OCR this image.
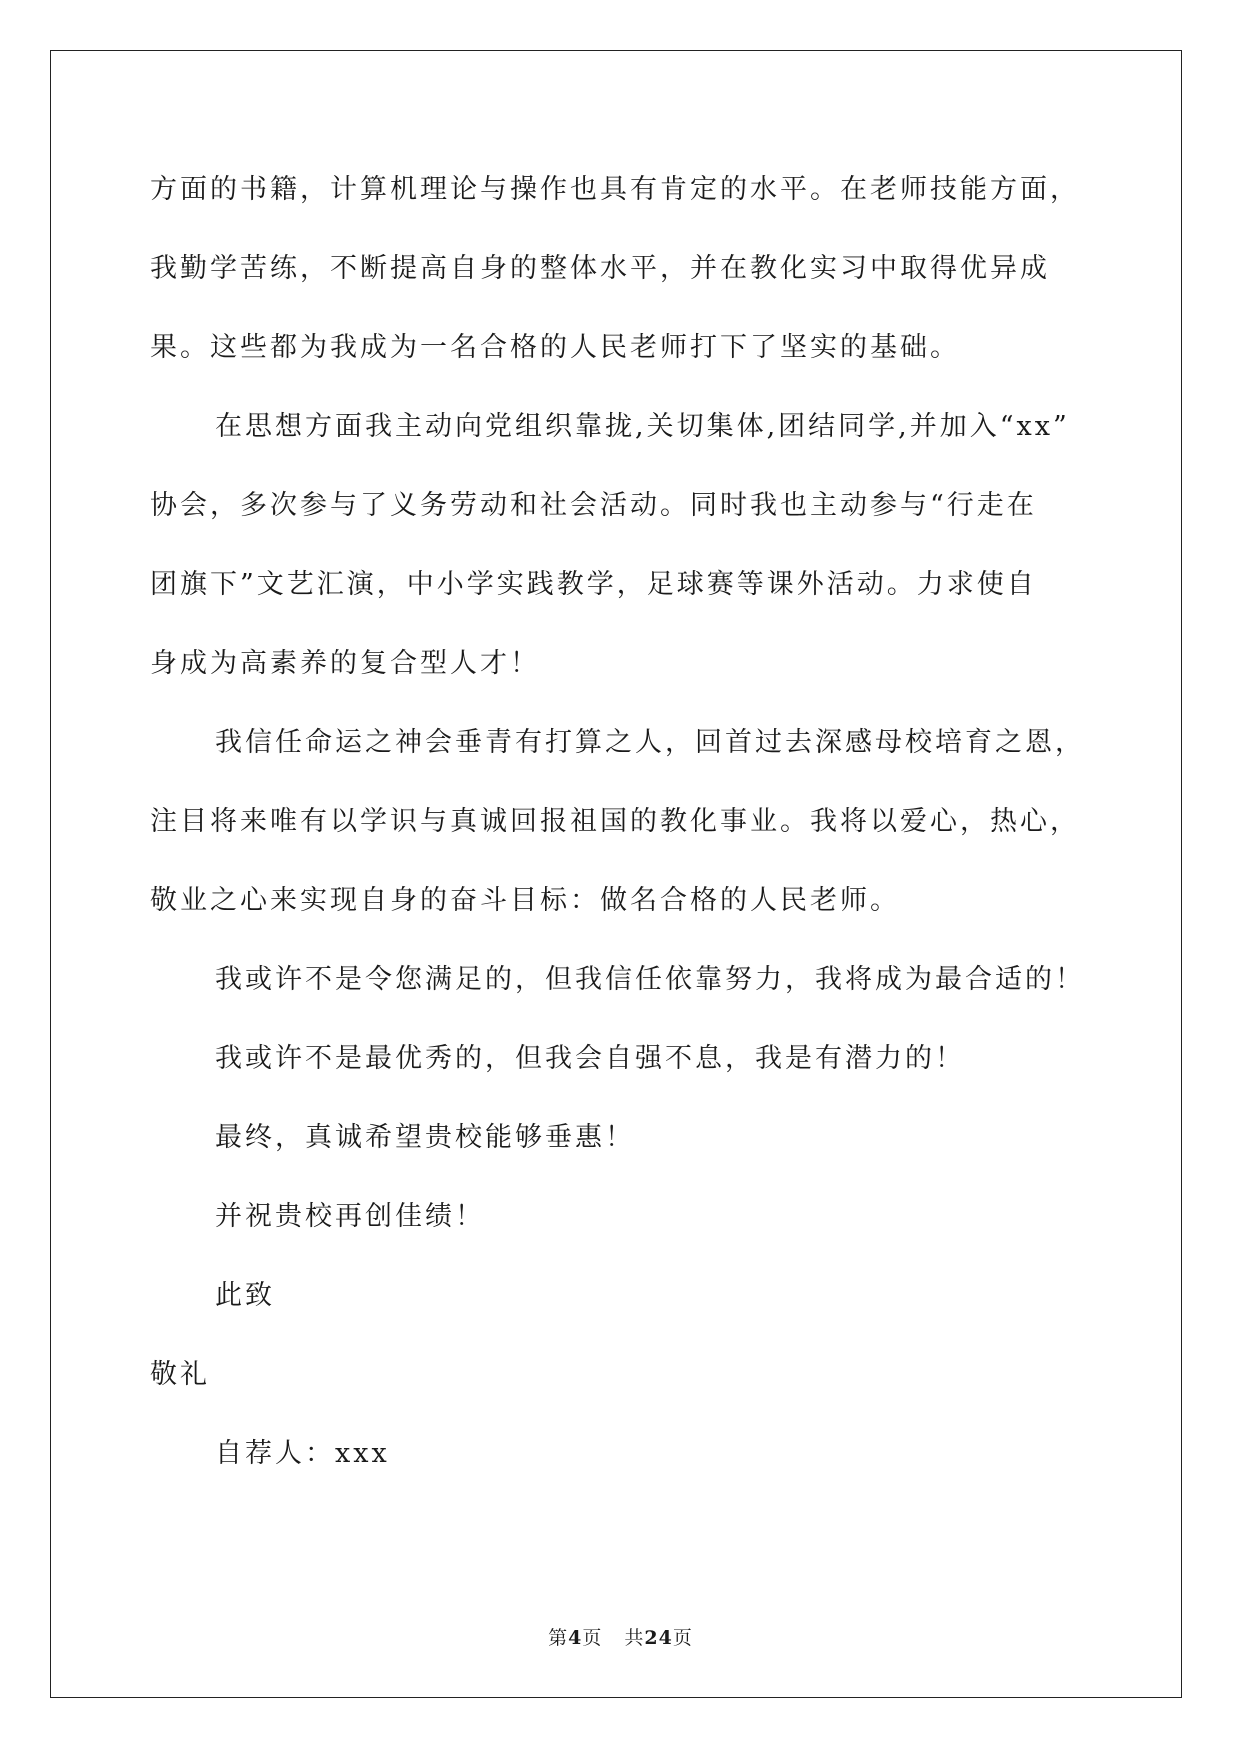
方面的书籍，计算机理论与操作也具有肯定的水平。在老师技能方面，
我勤学苦练，不断提高自身的整体水平，并在教化实习中取得优异成
果。这些都为我成为一名合格的人民老师打下了坚实的基础。
在思想方面我主动向党组织靠拢,关切集体,团结同学,并加入“xx”
协会，多次参与了义务劳动和社会活动。同时我也主动参与“行走在
团旗下”文艺汇演，中小学实践教学，足球赛等课外活动。力求使自
身成为高素养的复合型人才！
我信任命运之神会垂青有打算之人，回首过去深感母校培育之恩，
注目将来唯有以学识与真诚回报祖国的教化事业。我将以爱心，热心，
敬业之心来实现自身的奋斗目标：做名合格的人民老师。
我或许不是令您满足的，但我信任依靠努力，我将成为最合适的！
我或许不是最优秀的，但我会自强不息，我是有潜力的！
最终，真诚希望贵校能够垂惠！
并祝贵校再创佳绩！
此致
敬礼
自荐人：xxx
第4页 共24页
